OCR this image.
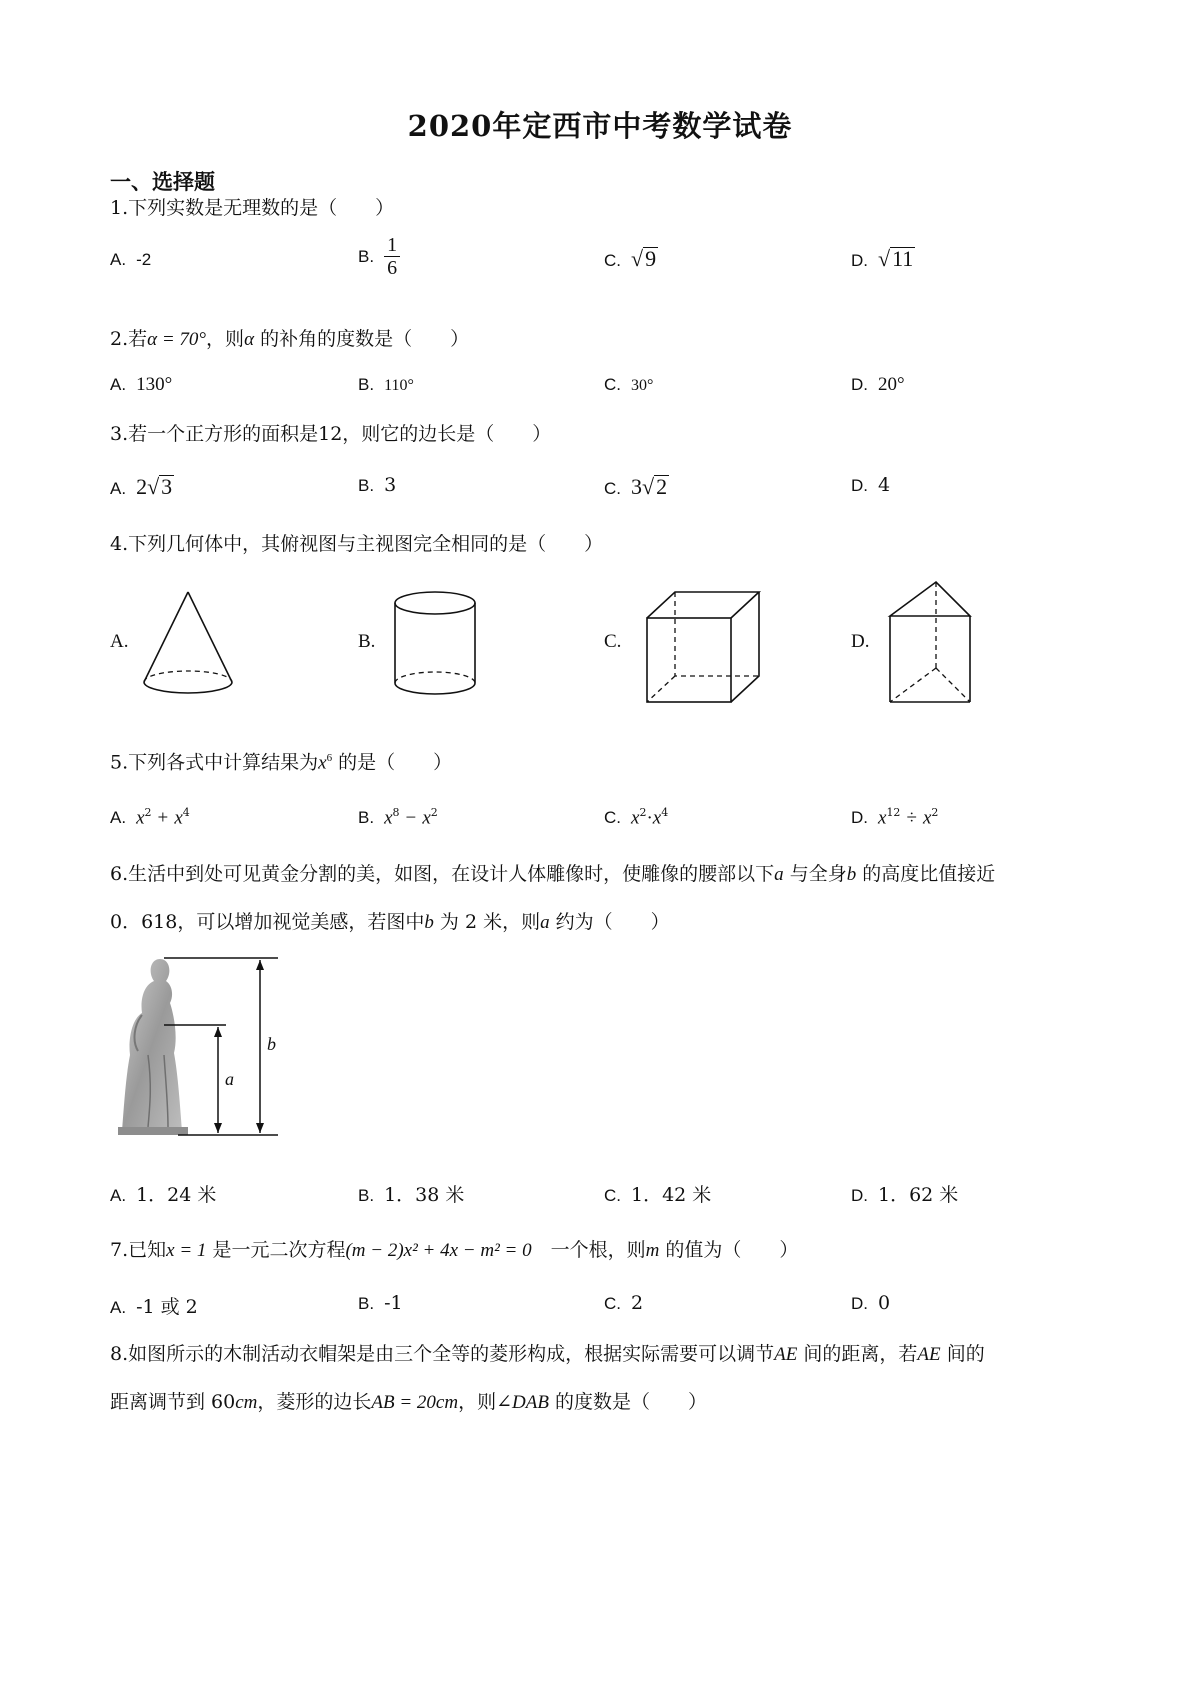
2020年定西市中考数学试卷
一、选择题
1.下列实数是无理数的是（　　）
A. -2	B. $\frac{1}{6}$	C. √9	D. √11
2.若α = 70°，则α 的补角的度数是（　　）
A. 130°	B. 110°	C. 30°	D. 20°
3.若一个正方形的面积是12，则它的边长是（　　）
A. 2√3	B. 3	C. 3√2	D. 4
4.下列几何体中，其俯视图与主视图完全相同的是（　　）
A.	B.	C.	D.
5.下列各式中计算结果为$x^6$ 的是（　　）
A. $x^2 + x^4$	B. $x^8 - x^2$	C. $x^2\cdot x^4$	D. $x^{12} \div x^2$
6.生活中到处可见黄金分割的美，如图，在设计人体雕像时，使雕像的腰部以下a 与全身b 的高度比值接近
0．618，可以增加视觉美感，若图中b 为 2 米，则a 约为（　　）
a
b
A. 1．24 米	B. 1．38 米	C. 1．42 米	D. 1．62 米
7.已知x = 1 是一元二次方程(m − 2)x² + 4x − m² = 0　 一个根，则m 的值为（　　）
A. -1 或 2	B. -1	C. 2	D. 0
8.如图所示的木制活动衣帽架是由三个全等的菱形构成，根据实际需要可以调节AE 间的距离，若AE 间的
距离调节到 60cm，菱形的边长AB = 20cm，则∠DAB 的度数是（　　）
